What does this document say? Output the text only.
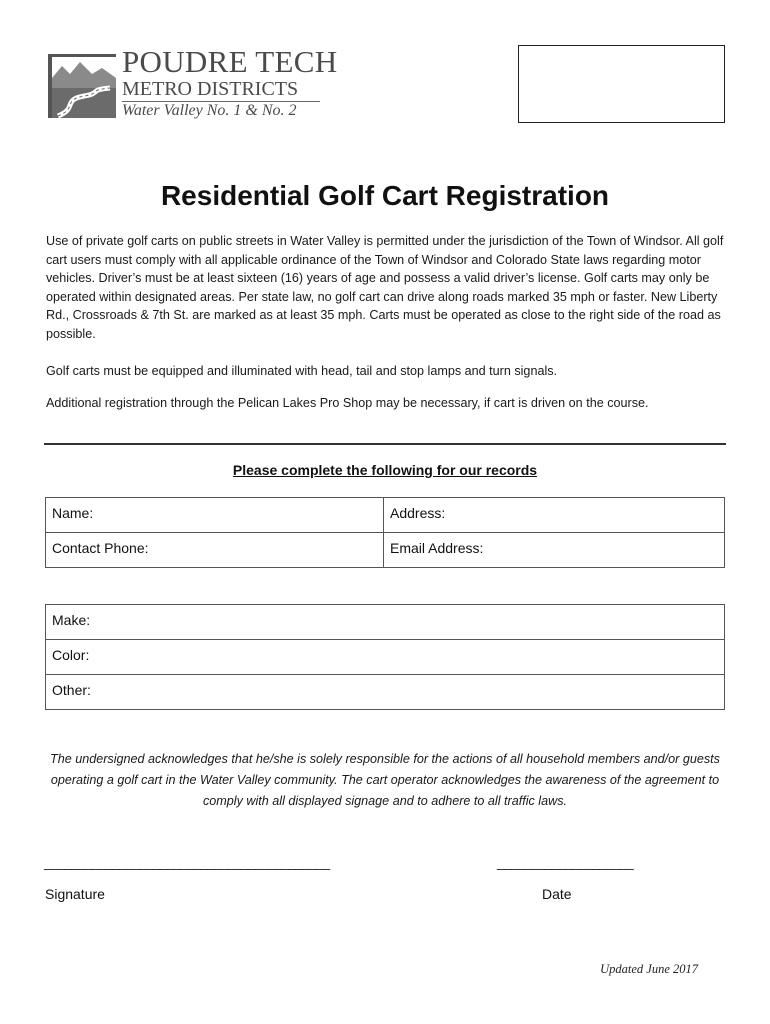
POUDRE TECH
METRO DISTRICTS
Water Valley No. 1 & No. 2
Residential Golf Cart Registration
Use of private golf carts on public streets in Water Valley is permitted under the jurisdiction of the Town of Windsor. All golf cart users must comply with all applicable ordinance of the Town of Windsor and Colorado State laws regarding motor vehicles. Driver’s must be at least sixteen (16) years of age and possess a valid driver’s license. Golf carts may only be operated within designated areas. Per state law, no golf cart can drive along roads marked 35 mph or faster. New Liberty Rd., Crossroads & 7th St. are marked as at least 35 mph. Carts must be operated as close to the right side of the road as possible.
Golf carts must be equipped and illuminated with head, tail and stop lamps and turn signals.
Additional registration through the Pelican Lakes Pro Shop may be necessary, if cart is driven on the course.
Please complete the following for our records
Name:	Address:
Contact Phone:	Email Address:
Make:
Color:
Other:
The undersigned acknowledges that he/she is solely responsible for the actions of all household members and/or guests operating a golf cart in the Water Valley community. The cart operator acknowledges the awareness of the agreement to comply with all displayed signage and to adhere to all traffic laws.
__________________________________________	____________________
Signature	Date
Updated June 2017
